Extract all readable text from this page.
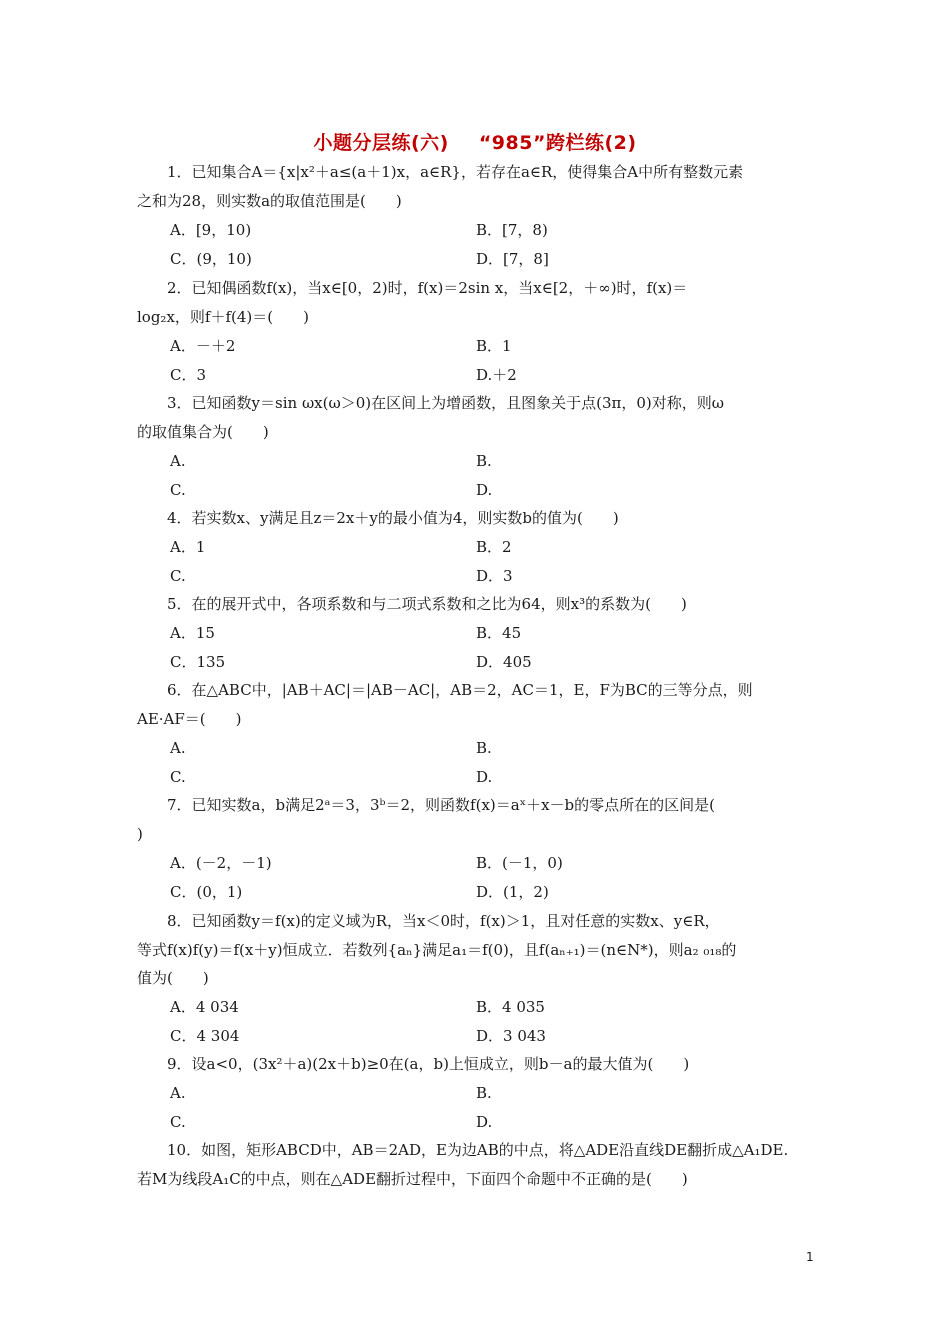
小题分层练(六) “985”跨栏练(2)
1．已知集合A＝{x|x²＋a≤(a＋1)x，a∈R}，若存在a∈R，使得集合A中所有整数元素
之和为28，则实数a的取值范围是(　　)
A．[9，10)	B．[7，8)
C．(9，10)	D．[7，8]
2．已知偶函数f(x)，当x∈[0，2)时，f(x)＝2sin x，当x∈[2，＋∞)时，f(x)＝
log₂x，则f＋f(4)＝(　　)
A．－＋2	B．1
C．3	D.＋2
3．已知函数y＝sin ωx(ω＞0)在区间上为增函数，且图象关于点(3π，0)对称，则ω
的取值集合为(　　)
A.	B.
C.	D.
4．若实数x、y满足且z＝2x＋y的最小值为4，则实数b的值为(　　)
A．1	B．2
C.	D．3
5．在的展开式中，各项系数和与二项式系数和之比为64，则x³的系数为(　　)
A．15	B．45
C．135	D．405
6．在△ABC中，|AB＋AC|＝|AB－AC|，AB＝2，AC＝1，E，F为BC的三等分点，则
AE·AF＝(　　)
A.	B.
C.	D.
7．已知实数a，b满足2ᵃ＝3，3ᵇ＝2，则函数f(x)＝aˣ＋x－b的零点所在的区间是(
)
A．(－2，－1)	B．(－1，0)
C．(0，1)	D．(1，2)
8．已知函数y＝f(x)的定义域为R，当x＜0时，f(x)＞1，且对任意的实数x、y∈R，
等式f(x)f(y)＝f(x＋y)恒成立．若数列{aₙ}满足a₁＝f(0)，且f(aₙ₊₁)＝(n∈N*)，则a₂ ₀₁₈的
值为(　　)
A．4 034	B．4 035
C．4 304	D．3 043
9．设a<0，(3x²＋a)(2x＋b)≥0在(a，b)上恒成立，则b－a的最大值为(　　)
A.	B.
C.	D.
10．如图，矩形ABCD中，AB＝2AD，E为边AB的中点，将△ADE沿直线DE翻折成△A₁DE.
若M为线段A₁C的中点，则在△ADE翻折过程中，下面四个命题中不正确的是(　　)
1
